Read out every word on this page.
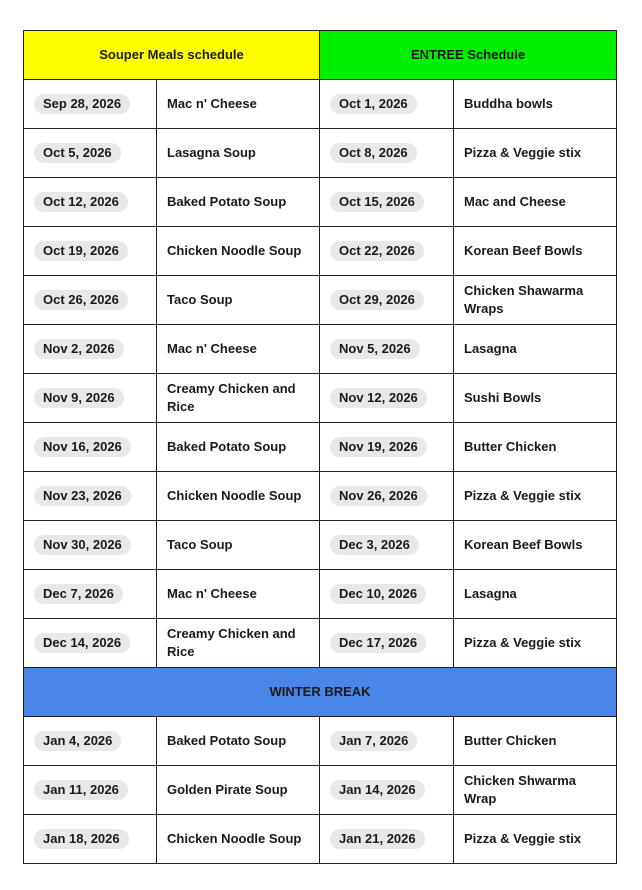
Souper Meals schedule		ENTREE Schedule	
Sep 28, 2026	Mac n' Cheese	Oct 1, 2026	Buddha bowls
Oct 5, 2026	Lasagna Soup	Oct 8, 2026	Pizza & Veggie stix
Oct 12, 2026	Baked Potato Soup	Oct 15, 2026	Mac and Cheese
Oct 19, 2026	Chicken Noodle Soup	Oct 22, 2026	Korean Beef Bowls
Oct 26, 2026	Taco Soup	Oct 29, 2026	Chicken Shawarma Wraps
Nov 2, 2026	Mac n' Cheese	Nov 5, 2026	Lasagna
Nov 9, 2026	Creamy Chicken and Rice	Nov 12, 2026	Sushi Bowls
Nov 16, 2026	Baked Potato Soup	Nov 19, 2026	Butter Chicken
Nov 23, 2026	Chicken Noodle Soup	Nov 26, 2026	Pizza & Veggie stix
Nov 30, 2026	Taco Soup	Dec 3, 2026	Korean Beef Bowls
Dec 7, 2026	Mac n' Cheese	Dec 10, 2026	Lasagna
Dec 14, 2026	Creamy Chicken and Rice	Dec 17, 2026	Pizza & Veggie stix
WINTER BREAK			
Jan 4, 2026	Baked Potato Soup	Jan 7, 2026	Butter Chicken
Jan 11, 2026	Golden Pirate Soup	Jan 14, 2026	Chicken Shwarma Wrap
Jan 18, 2026	Chicken Noodle Soup	Jan 21, 2026	Pizza & Veggie stix
